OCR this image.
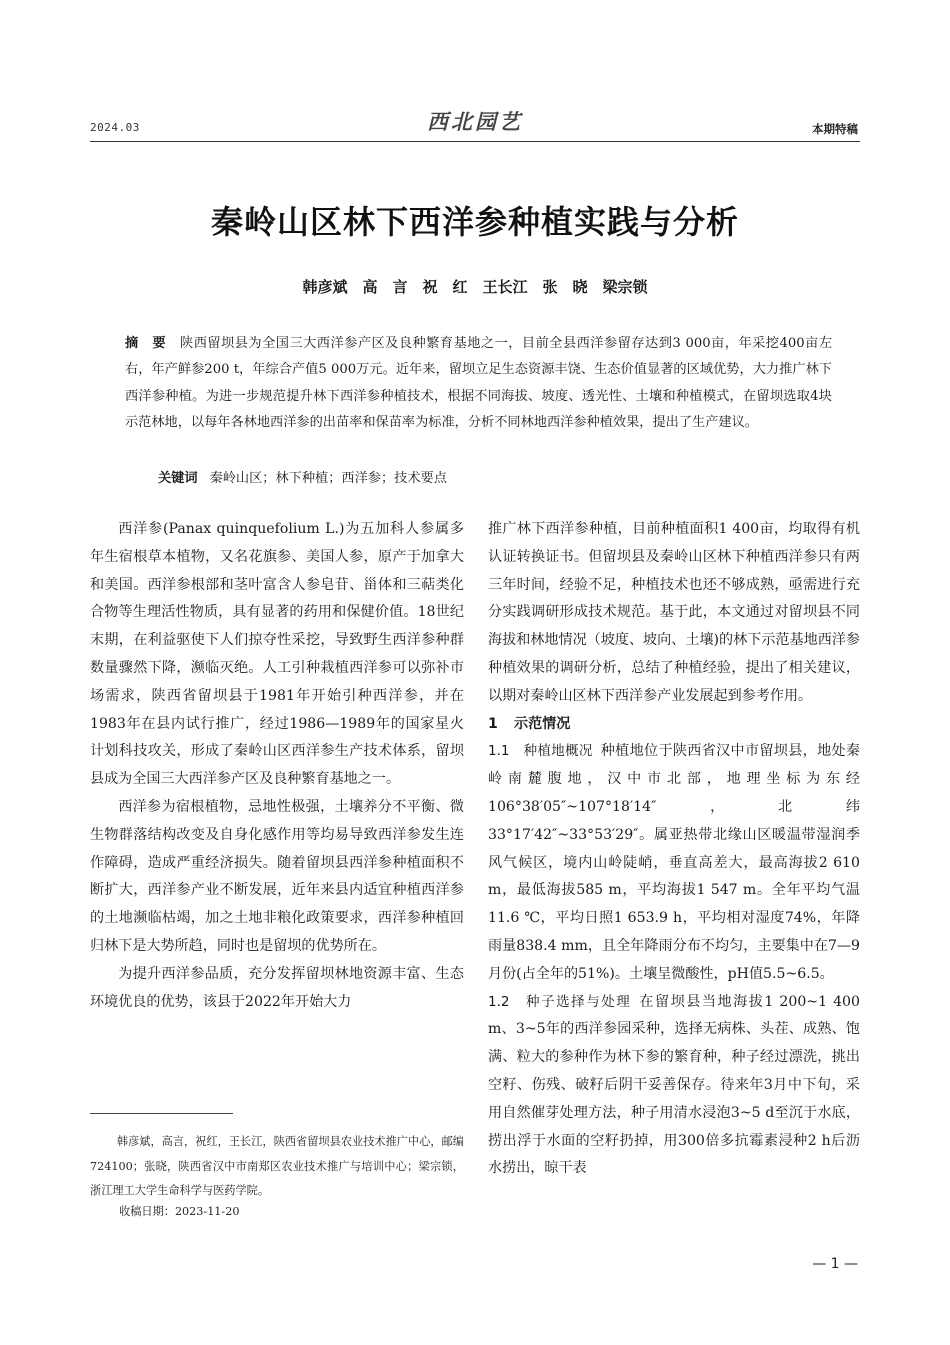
2024.03	西北园艺	本期特稿
秦岭山区林下西洋参种植实践与分析
韩彦斌　高　言　祝　红　王长江　张　晓　梁宗锁

摘　要 陕西留坝县为全国三大西洋参产区及良种繁育基地之一，目前全县西洋参留存达到3 000亩，年采挖400亩左右，年产鲜参200 t，年综合产值5 000万元。近年来，留坝立足生态资源丰饶、生态价值显著的区域优势，大力推广林下西洋参种植。为进一步规范提升林下西洋参种植技术，根据不同海拔、坡度、透光性、土壤和种植模式，在留坝选取4块示范林地，以每年各林地西洋参的出苗率和保苗率为标准，分析不同林地西洋参种植效果，提出了生产建议。

关键词 秦岭山区；林下种植；西洋参；技术要点

西洋参(Panax quinquefolium L.)为五加科人参属多年生宿根草本植物，又名花旗参、美国人参，原产于加拿大和美国。西洋参根部和茎叶富含人参皂苷、甾体和三萜类化合物等生理活性物质，具有显著的药用和保健价值。18世纪末期，在利益驱使下人们掠夺性采挖，导致野生西洋参种群数量骤然下降，濒临灭绝。人工引种栽植西洋参可以弥补市场需求，陕西省留坝县于1981年开始引种西洋参，并在1983年在县内试行推广，经过1986—1989年的国家星火计划科技攻关，形成了秦岭山区西洋参生产技术体系，留坝县成为全国三大西洋参产区及良种繁育基地之一。

西洋参为宿根植物，忌地性极强，土壤养分不平衡、微生物群落结构改变及自身化感作用等均易导致西洋参发生连作障碍，造成严重经济损失。随着留坝县西洋参种植面积不断扩大，西洋参产业不断发展，近年来县内适宜种植西洋参的土地濒临枯竭，加之土地非粮化政策要求，西洋参种植回归林下是大势所趋，同时也是留坝的优势所在。

为提升西洋参品质，充分发挥留坝林地资源丰富、生态环境优良的优势，该县于2022年开始大力

韩彦斌，高言，祝红，王长江，陕西省留坝县农业技术推广中心，邮编724100；张晓，陕西省汉中市南郑区农业技术推广与培训中心；梁宗锁，浙江理工大学生命科学与医药学院。

收稿日期：2023-11-20

推广林下西洋参种植，目前种植面积1 400亩，均取得有机认证转换证书。但留坝县及秦岭山区林下种植西洋参只有两三年时间，经验不足，种植技术也还不够成熟，亟需进行充分实践调研形成技术规范。基于此，本文通过对留坝县不同海拔和林地情况（坡度、坡向、土壤)的林下示范基地西洋参种植效果的调研分析，总结了种植经验，提出了相关建议，以期对秦岭山区林下西洋参产业发展起到参考作用。

1 示范情况

1.1　种植地概况 种植地位于陕西省汉中市留坝县，地处秦岭南麓腹地，汉中市北部，地理坐标为东经106°38′05″~107°18′14″，北纬33°17′42″~33°53′29″。属亚热带北缘山区暖温带湿润季风气候区，境内山岭陡峭，垂直高差大，最高海拔2 610 m，最低海拔585 m，平均海拔1 547 m。全年平均气温11.6 ℃，平均日照1 653.9 h，平均相对湿度74%，年降雨量838.4 mm，且全年降雨分布不均匀，主要集中在7—9月份(占全年的51%)。土壤呈微酸性，pH值5.5~6.5。

1.2　种子选择与处理 在留坝县当地海拔1 200~1 400 m、3~5年的西洋参园采种，选择无病株、头茬、成熟、饱满、粒大的参种作为林下参的繁育种，种子经过漂洗，挑出空籽、伤残、破籽后阴干妥善保存。待来年3月中下旬，采用自然催芽处理方法，种子用清水浸泡3~5 d至沉于水底，捞出浮于水面的空籽扔掉，用300倍多抗霉素浸种2 h后沥水捞出，晾干表

— 1 —
